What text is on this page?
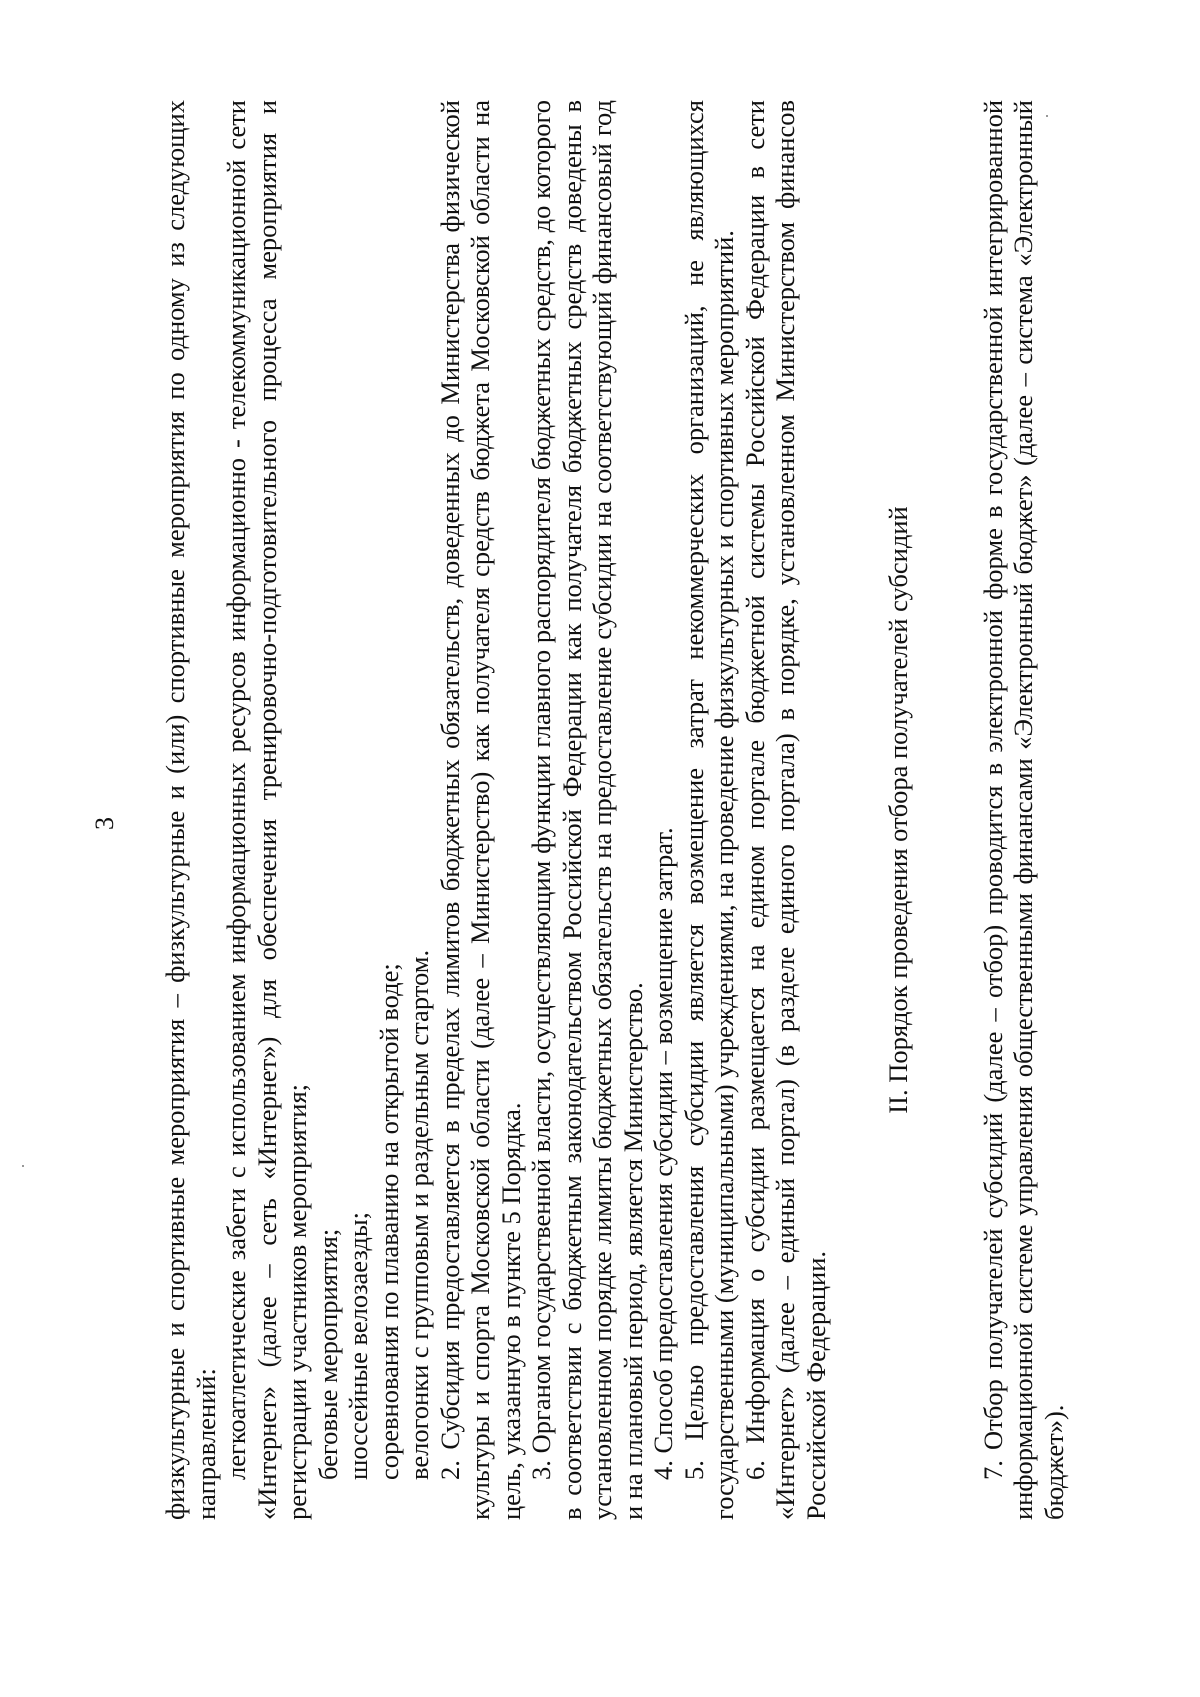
3 физкультурные и спортивные мероприятия – физкультурные и (или) спортивные мероприятия по одному из следующих направлений: легкоатлетические забеги с использованием информационных ресурсов информационно - телекоммуникационной сети «Интернет» (далее – сеть «Интернет») для обеспечения тренировочно-подготовительного процесса мероприятия и регистрации участников мероприятия; беговые мероприятия; шоссейные велозаезды; соревнования по плаванию на открытой воде; велогонки с групповым и раздельным стартом. 2. Субсидия предоставляется в пределах лимитов бюджетных обязательств, доведенных до Министерства физической культуры и спорта Московской области (далее – Министерство) как получателя средств бюджета Московской области на цель, указанную в пункте 5 Порядка. 3. Органом государственной власти, осуществляющим функции главного распорядителя бюджетных средств, до которого в соответствии с бюджетным законодательством Российской Федерации как получателя бюджетных средств доведены в установленном порядке лимиты бюджетных обязательств на предоставление субсидии на соответствующий финансовый год и на плановый период, является Министерство. 4. Способ предоставления субсидии – возмещение затрат. 5. Целью предоставления субсидии является возмещение затрат некоммерческих организаций, не являющихся государственными (муниципальными) учреждениями, на проведение физкультурных и спортивных мероприятий. 6. Информация о субсидии размещается на едином портале бюджетной системы Российской Федерации в сети «Интернет» (далее – единый портал) (в разделе единого портала) в порядке, установленном Министерством финансов Российской Федерации.

II. Порядок проведения отбора получателей субсидий 7. Отбор получателей субсидий (далее – отбор) проводится в электронной форме в государственной интегрированной информационной системе управления общественными финансами «Электронный бюджет» (далее – система «Электронный бюджет»).
